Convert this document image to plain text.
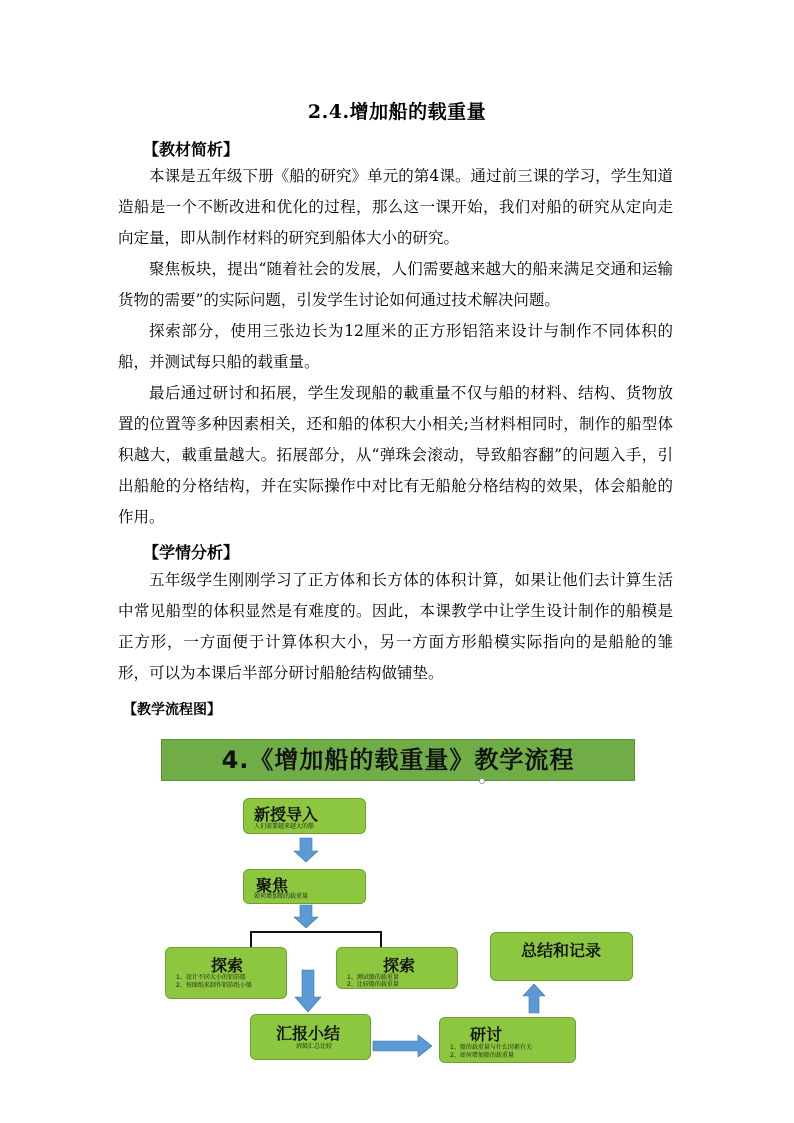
2.4.增加船的载重量
【教材简析】
本课是五年级下册《船的研究》单元的第4课。通过前三课的学习，学生知道造船是一个不断改进和优化的过程，那么这一课开始，我们对船的研究从定向走向定量，即从制作材料的研究到船体大小的研究。
聚焦板块，提出“随着社会的发展，人们需要越来越大的船来满足交通和运输货物的需要”的实际问题，引发学生讨论如何通过技术解决问题。
探索部分，使用三张边长为12厘米的正方形铝箔来设计与制作不同体积的船，并测试每只船的载重量。
最后通过研讨和拓展，学生发现船的載重量不仅与船的材料、结构、货物放置的位置等多种因素相关，还和船的体积大小相关;当材料相同时，制作的船型体积越大，載重量越大。拓展部分，从“弹珠会滚动，导致船容翻”的问题入手，引出船舱的分格结构，并在实际操作中对比有无船舱分格结构的效果，体会船舱的作用。
【学情分析】
五年级学生刚刚学习了正方体和长方体的体积计算，如果让他们去计算生活中常见船型的体积显然是有难度的。因此，本课教学中让学生设计制作的船模是正方形，一方面便于计算体积大小，另一方面方形船模实际指向的是船舱的雏形，可以为本课后半部分研讨船舱结构做铺垫。
【教学流程图】
4.《增加船的载重量》教学流程
新授导入
人们需要越来越大的船
聚焦
如何增加船的载重量
探索
1、设计不同大小的铝箔船
2、按图纸来制作铝箔纸小船
探索
1、测试船的载重量
2、比较船的载重量
汇报小结
班级汇总比较
研讨
1、船的载重量与什么因素有关
2、如何增加船的载重量
总结和记录
